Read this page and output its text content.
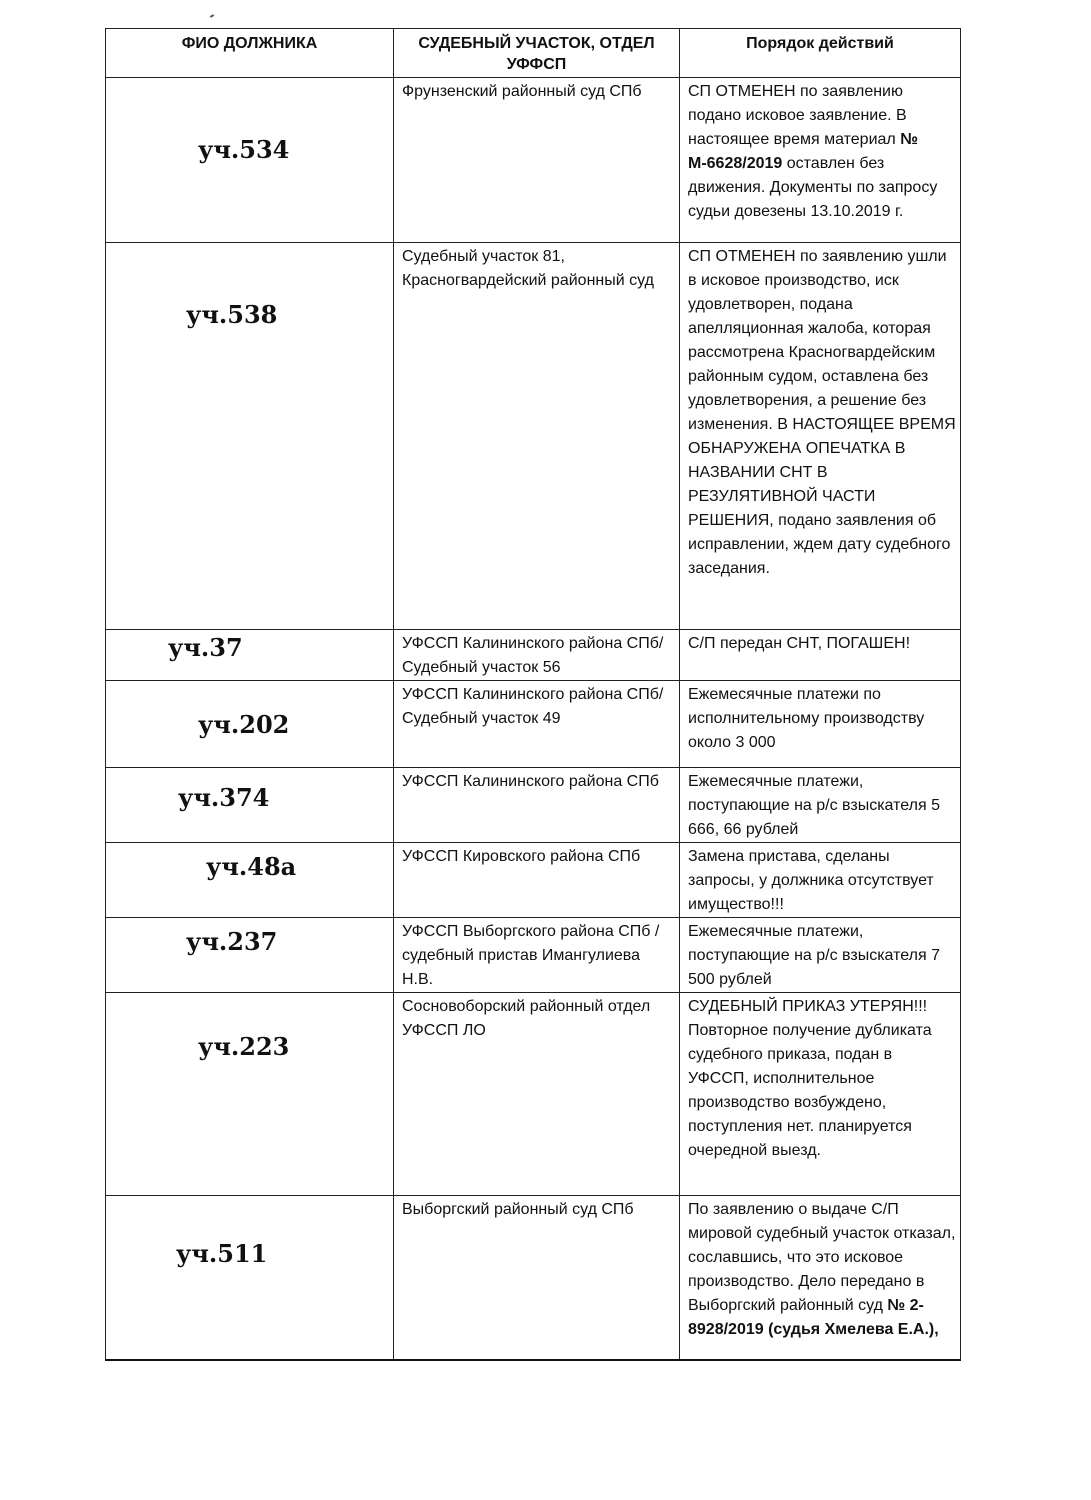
ФИО ДОЛЖНИКА	СУДЕБНЫЙ УЧАСТОК, ОТДЕЛ УФФСП	Порядок действий

уч.534	Фрунзенский районный суд СПб	СП ОТМЕНЕН по заявлению подано исковое заявление. В настоящее время материал № М-6628/2019 оставлен без движения. Документы по запросу судьи довезены 13.10.2019 г.

уч.538	Судебный участок 81, Красногвардейский районный суд	СП ОТМЕНЕН по заявлению ушли в исковое производство, иск удовлетворен, подана апелляционная жалоба, которая рассмотрена Красногвардейским районным судом, оставлена без удовлетворения, а решение без изменения. В НАСТОЯЩЕЕ ВРЕМЯ ОБНАРУЖЕНА ОПЕЧАТКА В НАЗВАНИИ СНТ В РЕЗУЛЯТИВНОЙ ЧАСТИ РЕШЕНИЯ, подано заявления об исправлении, ждем дату судебного заседания.

уч.37	УФССП Калининского района СПб/Судебный участок 56	С/П передан СНТ, ПОГАШЕН!

уч.202	УФССП Калининского района СПб/Судебный участок 49	Ежемесячные платежи по исполнительному производству около 3 000

уч.374	УФССП Калининского района СПб	Ежемесячные платежи, поступающие на р/с взыскателя 5 666, 66 рублей

уч.48а	УФССП Кировского района СПб	Замена пристава, сделаны запросы, у должника отсутствует имущество!!!

уч.237	УФССП Выборгского района СПб /судебный пристав Имангулиева Н.В.	Ежемесячные платежи, поступающие на р/с взыскателя 7 500 рублей

уч.223	Сосновоборский районный отдел УФССП ЛО	СУДЕБНЫЙ ПРИКАЗ УТЕРЯН!!! Повторное получение дубликата судебного приказа, подан в УФССП, исполнительное производство возбуждено, поступления нет. планируется очередной выезд.

уч.511	Выборгский районный суд СПб	По заявлению о выдаче С/П мировой судебный участок отказал, сославшись, что это исковое производство. Дело передано в Выборгский районный суд № 2-8928/2019 (судья Хмелева Е.А.),
